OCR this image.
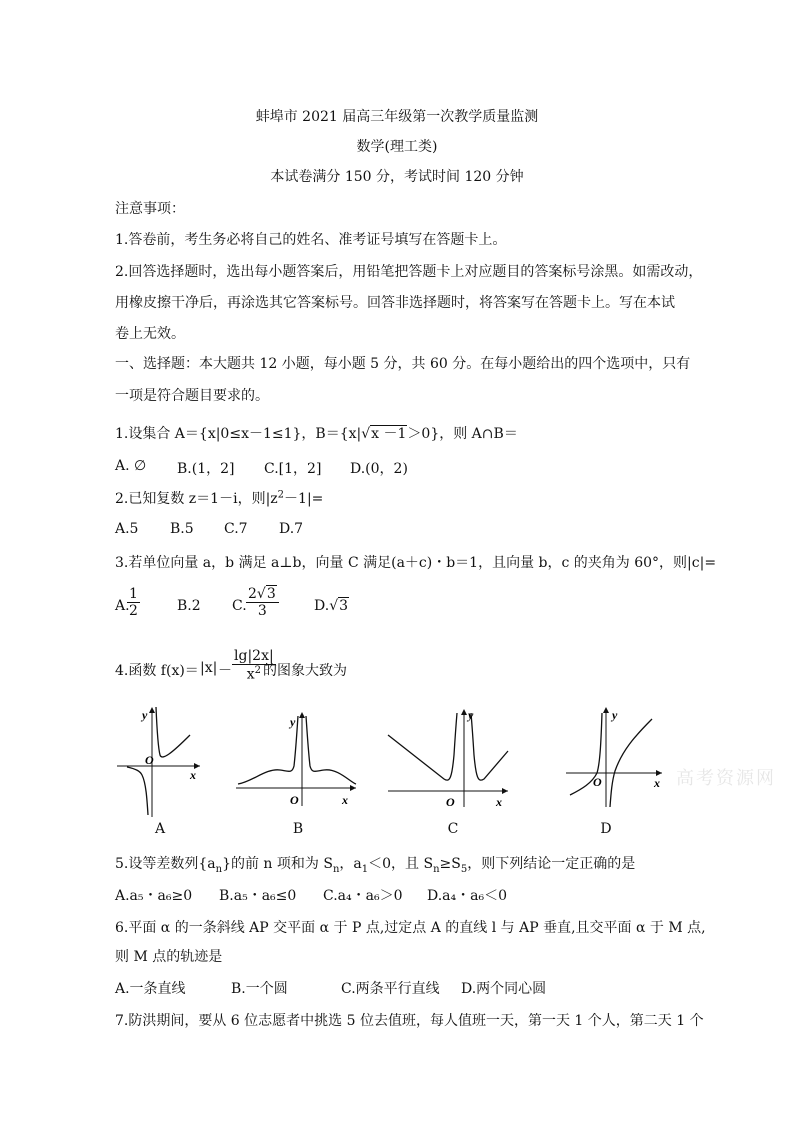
蚌埠市 2021 届高三年级第一次教学质量监测
数学(理工类)
本试卷满分 150 分，考试时间 120 分钟
注意事项：
1.答卷前，考生务必将自己的姓名、准考证号填写在答题卡上。
2.回答选择题时，选出每小题答案后，用铅笔把答题卡上对应题目的答案标号涂黑。如需改动，
用橡皮擦干净后，再涂选其它答案标号。回答非选择题时，将答案写在答题卡上。写在本试
卷上无效。
一、选择题：本大题共 12 小题，每小题 5 分，共 60 分。在每小题给出的四个选项中，只有
一项是符合题目要求的。
1.设集合 A＝{x|0≤x－1≤1}，B＝{x|√x －1＞0}，则 A∩B＝
A. ∅ B.(1，2] C.[1，2] D.(0，2)
2.已知复数 z＝1－i，则$|z^2-1|=$
A.5 B.5 C.7 D.7
3.若单位向量 a，b 满足 a⊥b，向量 C 满足(a＋c)・b＝1，且向量 b，c 的夹角为 60°，则|c|=
A.
$\frac{1}{2}$	B.2 C. $\frac{2√3}{3}$	D.√3
4.函数 $f(x)= |x| - \frac{\lg|2x|}{x^2}$
的图象大致为
y
x
O
y
x
O
y
x
O
y
x
O	高考资源网
A	B	C	D
5.设等差数列$\{a_n\}$的前 n 项和为 $S_n$，$a_1<0$，且 $S_n\ge S_5$，则下列结论一定正确的是
A.a₅・a₆≥0 B.a₅・a₆≤0 C.a₄・a₆＞0 D.a₄・a₆＜0
6.平面 α 的一条斜线 AP 交平面 α 于 P 点,过定点 A 的直线 l 与 AP 垂直,且交平面 α 于 M 点,
则 M 点的轨迹是
A.一条直线	B.一个圆	C.两条平行直线 D.两个同心圆
7.防洪期间，要从 6 位志愿者中挑选 5 位去值班，每人值班一天，第一天 1 个人，第二天 1 个
